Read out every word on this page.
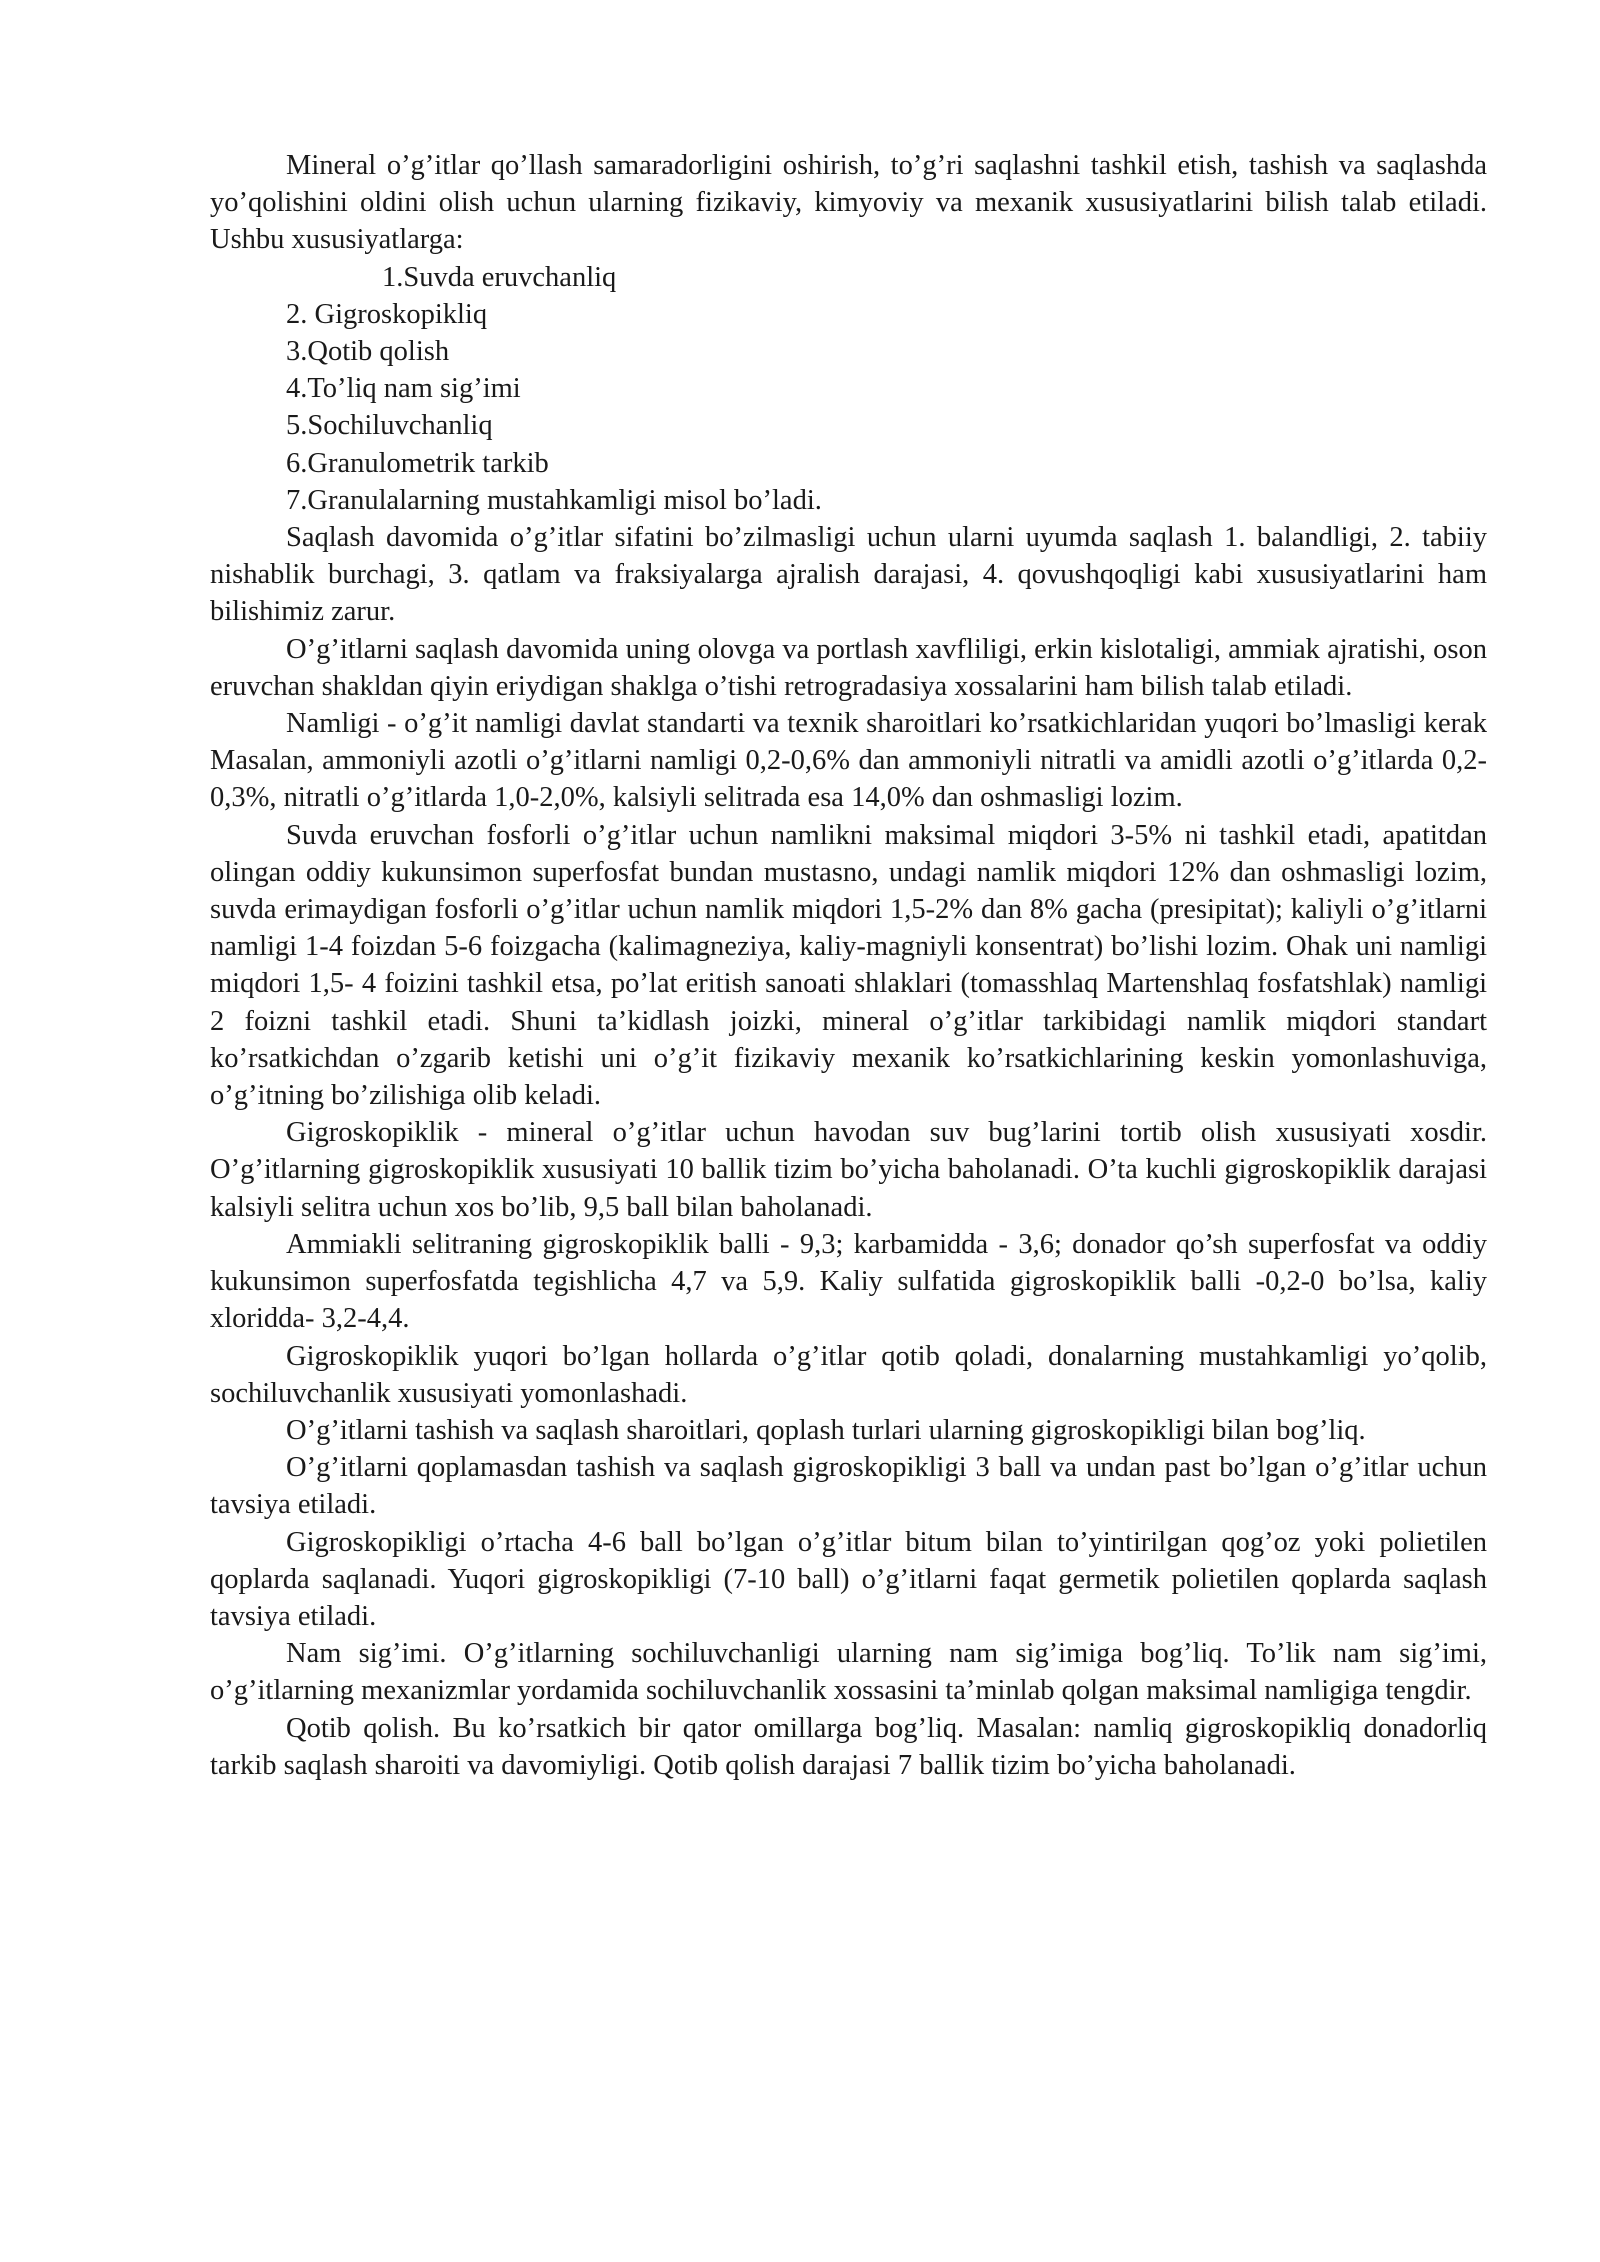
Mineral o’g’itlar qo’llash samaradorligini oshirish, to’g’ri saqlashni tashkil etish, tashish va saqlashda yo’qolishini oldini olish uchun ularning fizikaviy, kimyoviy va mexanik xususiyatlarini bilish talab etiladi. Ushbu xususiyatlarga:

1.Suvda eruvchanliq
2. Gigroskopikliq
3.Qotib qolish
4.To’liq nam sig’imi
5.Sochiluvchanliq
6.Granulometrik tarkib
7.Granulalarning mustahkamligi misol bo’ladi.

Saqlash davomida o’g’itlar sifatini bo’zilmasligi uchun ularni uyumda saqlash 1. balandligi, 2. tabiiy nishablik burchagi, 3. qatlam va fraksiyalarga ajralish darajasi, 4. qovushqoqligi kabi xususiyatlarini ham bilishimiz zarur.

O’g’itlarni saqlash davomida uning olovga va portlash xavfliligi, erkin kislotaligi, ammiak ajratishi, oson eruvchan shakldan qiyin eriydigan shaklga o’tishi retrogradasiya xossalarini ham bilish talab etiladi.

Namligi - o’g’it namligi davlat standarti va texnik sharoitlari ko’rsatkichlaridan yuqori bo’lmasligi kerak Masalan, ammoniyli azotli o’g’itlarni namligi 0,2-0,6% dan ammoniyli nitratli va amidli azotli o’g’itlarda 0,2-0,3%, nitratli o’g’itlarda 1,0-2,0%, kalsiyli selitrada esa 14,0% dan oshmasligi lozim.

Suvda eruvchan fosforli o’g’itlar uchun namlikni maksimal miqdori 3-5% ni tashkil etadi, apatitdan olingan oddiy kukunsimon superfosfat bundan mustasno, undagi namlik miqdori 12% dan oshmasligi lozim, suvda erimaydigan fosforli o’g’itlar uchun namlik miqdori 1,5-2% dan 8% gacha (presipitat); kaliyli o’g’itlarni namligi 1-4 foizdan 5-6 foizgacha (kalimagneziya, kaliy-magniyli konsentrat) bo’lishi lozim. Ohak uni namligi miqdori 1,5- 4 foizini tashkil etsa, po’lat eritish sanoati shlaklari (tomasshlaq Martenshlaq fosfatshlak) namligi 2 foizni tashkil etadi. Shuni ta’kidlash joizki, mineral o’g’itlar tarkibidagi namlik miqdori standart ko’rsatkichdan o’zgarib ketishi uni o’g’it fizikaviy mexanik ko’rsatkichlarining keskin yomonlashuviga, o’g’itning bo’zilishiga olib keladi.

Gigroskopiklik - mineral o’g’itlar uchun havodan suv bug’larini tortib olish xususiyati xosdir. O’g’itlarning gigroskopiklik xususiyati 10 ballik tizim bo’yicha baholanadi. O’ta kuchli gigroskopiklik darajasi kalsiyli selitra uchun xos bo’lib, 9,5 ball bilan baholanadi.

Ammiakli selitraning gigroskopiklik balli - 9,3; karbamidda - 3,6; donador qo’sh superfosfat va oddiy kukunsimon superfosfatda tegishlicha 4,7 va 5,9. Kaliy sulfatida gigroskopiklik balli -0,2-0 bo’lsa, kaliy xloridda- 3,2-4,4.

Gigroskopiklik yuqori bo’lgan hollarda o’g’itlar qotib qoladi, donalarning mustahkamligi yo’qolib, sochiluvchanlik xususiyati yomonlashadi.

O’g’itlarni tashish va saqlash sharoitlari, qoplash turlari ularning gigroskopikligi bilan bog’liq.

O’g’itlarni qoplamasdan tashish va saqlash gigroskopikligi 3 ball va undan past bo’lgan o’g’itlar uchun tavsiya etiladi.

Gigroskopikligi o’rtacha 4-6 ball bo’lgan o’g’itlar bitum bilan to’yintirilgan qog’oz yoki polietilen qoplarda saqlanadi. Yuqori gigroskopikligi (7-10 ball) o’g’itlarni faqat germetik polietilen qoplarda saqlash tavsiya etiladi.

Nam sig’imi. O’g’itlarning sochiluvchanligi ularning nam sig’imiga bog’liq. To’lik nam sig’imi, o’g’itlarning mexanizmlar yordamida sochiluvchanlik xossasini ta’minlab qolgan maksimal namligiga tengdir.

Qotib qolish. Bu ko’rsatkich bir qator omillarga bog’liq. Masalan: namliq gigroskopikliq donadorliq tarkib saqlash sharoiti va davomiyligi. Qotib qolish darajasi 7 ballik tizim bo’yicha baholanadi.
